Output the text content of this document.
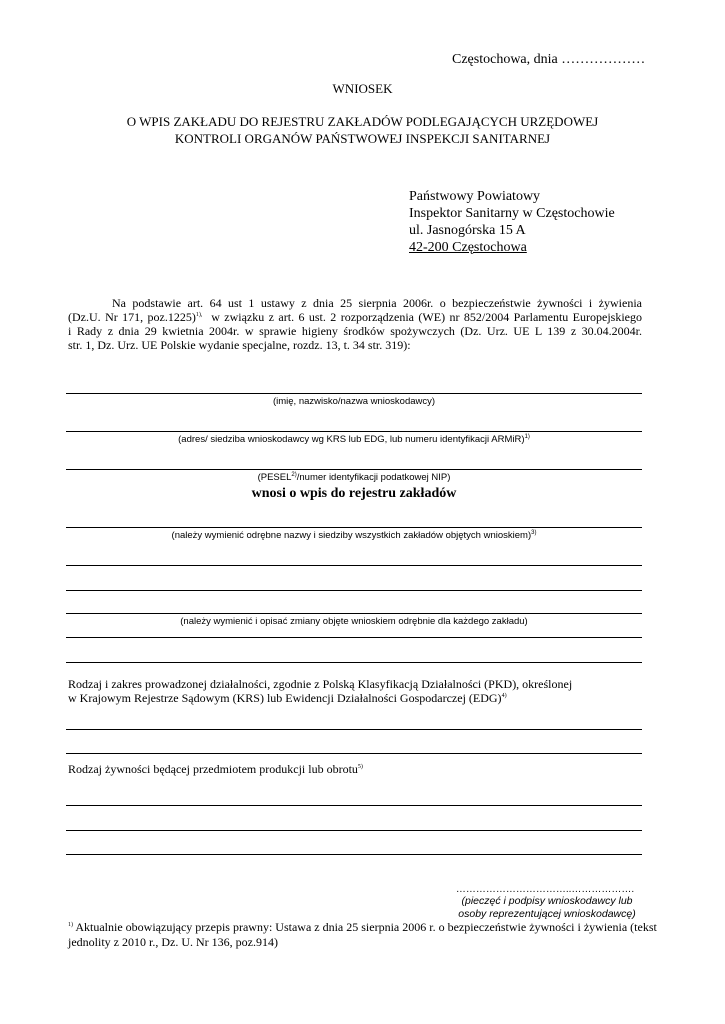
Częstochowa, dnia ………………
WNIOSEK
O WPIS ZAKŁADU DO REJESTRU ZAKŁADÓW PODLEGAJĄCYCH URZĘDOWEJ
KONTROLI ORGANÓW PAŃSTWOWEJ INSPEKCJI SANITARNEJ
Państwowy Powiatowy
Inspektor Sanitarny w Częstochowie
ul. Jasnogórska 15 A
42-200 Częstochowa
Na podstawie art. 64 ust 1 ustawy z dnia 25 sierpnia 2006r. o bezpieczeństwie żywności i żywienia
(Dz.U. Nr 171, poz.1225)$^{1),}$ w związku z art. 6 ust. 2 rozporządzenia (WE) nr 852/2004 Parlamentu Europejskiego
i Rady z dnia 29 kwietnia 2004r. w sprawie higieny środków spożywczych (Dz. Urz. UE L 139 z 30.04.2004r.
str. 1, Dz. Urz. UE Polskie wydanie specjalne, rozdz. 13, t. 34 str. 319):
(imię, nazwisko/nazwa wnioskodawcy)
(adres/ siedziba wnioskodawcy wg KRS lub EDG, lub numeru identyfikacji ARMiR)$^{1)}$
(PESEL$^{2)}$/numer identyfikacji podatkowej NIP)
wnosi o wpis do rejestru zakładów
(należy wymienić odrębne nazwy i siedziby wszystkich zakładów objętych wnioskiem)$^{3)}$
(należy wymienić i opisać zmiany objęte wnioskiem odrębnie dla każdego zakładu)
Rodzaj i zakres prowadzonej działalności, zgodnie z Polską Klasyfikacją Działalności (PKD), określonej
w Krajowym Rejestrze Sądowym (KRS) lub Ewidencji Działalności Gospodarczej (EDG)$^{4)}$
Rodzaj żywności będącej przedmiotem produkcji lub obrotu$^{5)}$
……………………………..……………….
(pieczęć i podpisy wnioskodawcy lub
osoby reprezentującej wnioskodawcę)
$^{1)}$ Aktualnie obowiązujący przepis prawny: Ustawa z dnia 25 sierpnia 2006 r. o bezpieczeństwie żywności i żywienia (tekst
jednolity z 2010 r., Dz. U. Nr 136, poz.914)
